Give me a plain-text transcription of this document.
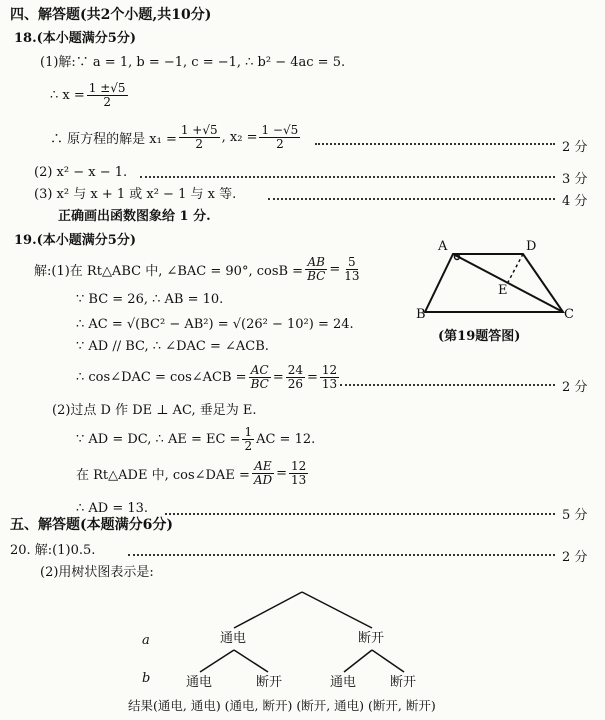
四、解答题(共2个小题,共10分)
18.(本小题满分5分)
(1)解:∵ a = 1, b = −1, c = −1, ∴ b² − 4ac = 5.
∴ $x = \frac{1 \pm√5}{2}$
∴ 原方程的解是 $x_1 = \frac{1 +√5}{2}$ , $x_2 = \frac{1 -√5}{2}$	2 分
(2) x² − x − 1.	3 分
(3) x² 与 x + 1 或 x² − 1 与 x 等.	4 分
正确画出函数图象给 1 分.
19.(本小题满分5分)
解:(1)在 Rt△ABC 中, ∠BAC = 90°, $\cos B = \frac{AB}{BC} = \frac{5}{13}$
∵ BC = 26, ∴ AB = 10.
∴ AC = √(BC² − AB²) = √(26² − 10²) = 24.
∵ AD // BC, ∴ ∠DAC = ∠ACB.
∴ cos∠DAC = cos∠ACB = $\frac{AC}{BC} = \frac{24}{26} = \frac{12}{13}$	2 分
(2)过点 D 作 DE ⊥ AC, 垂足为 E.
∵ AD = DC, ∴ AE = EC = $\frac{1}{2}$ AC = 12.
在 Rt△ADE 中, cos∠DAE = $\frac{AE}{AD} = \frac{12}{13}$
∴ AD = 13.	5 分
A	D
E
B	C
(第19题答图)
五、解答题(本题满分6分)
20. 解:(1)0.5.	2 分
(2)用树状图表示是:
a
b
通电	断开
通电	断开	通电	断开
结果(通电, 通电) (通电, 断开) (断开, 通电) (断开, 断开)
